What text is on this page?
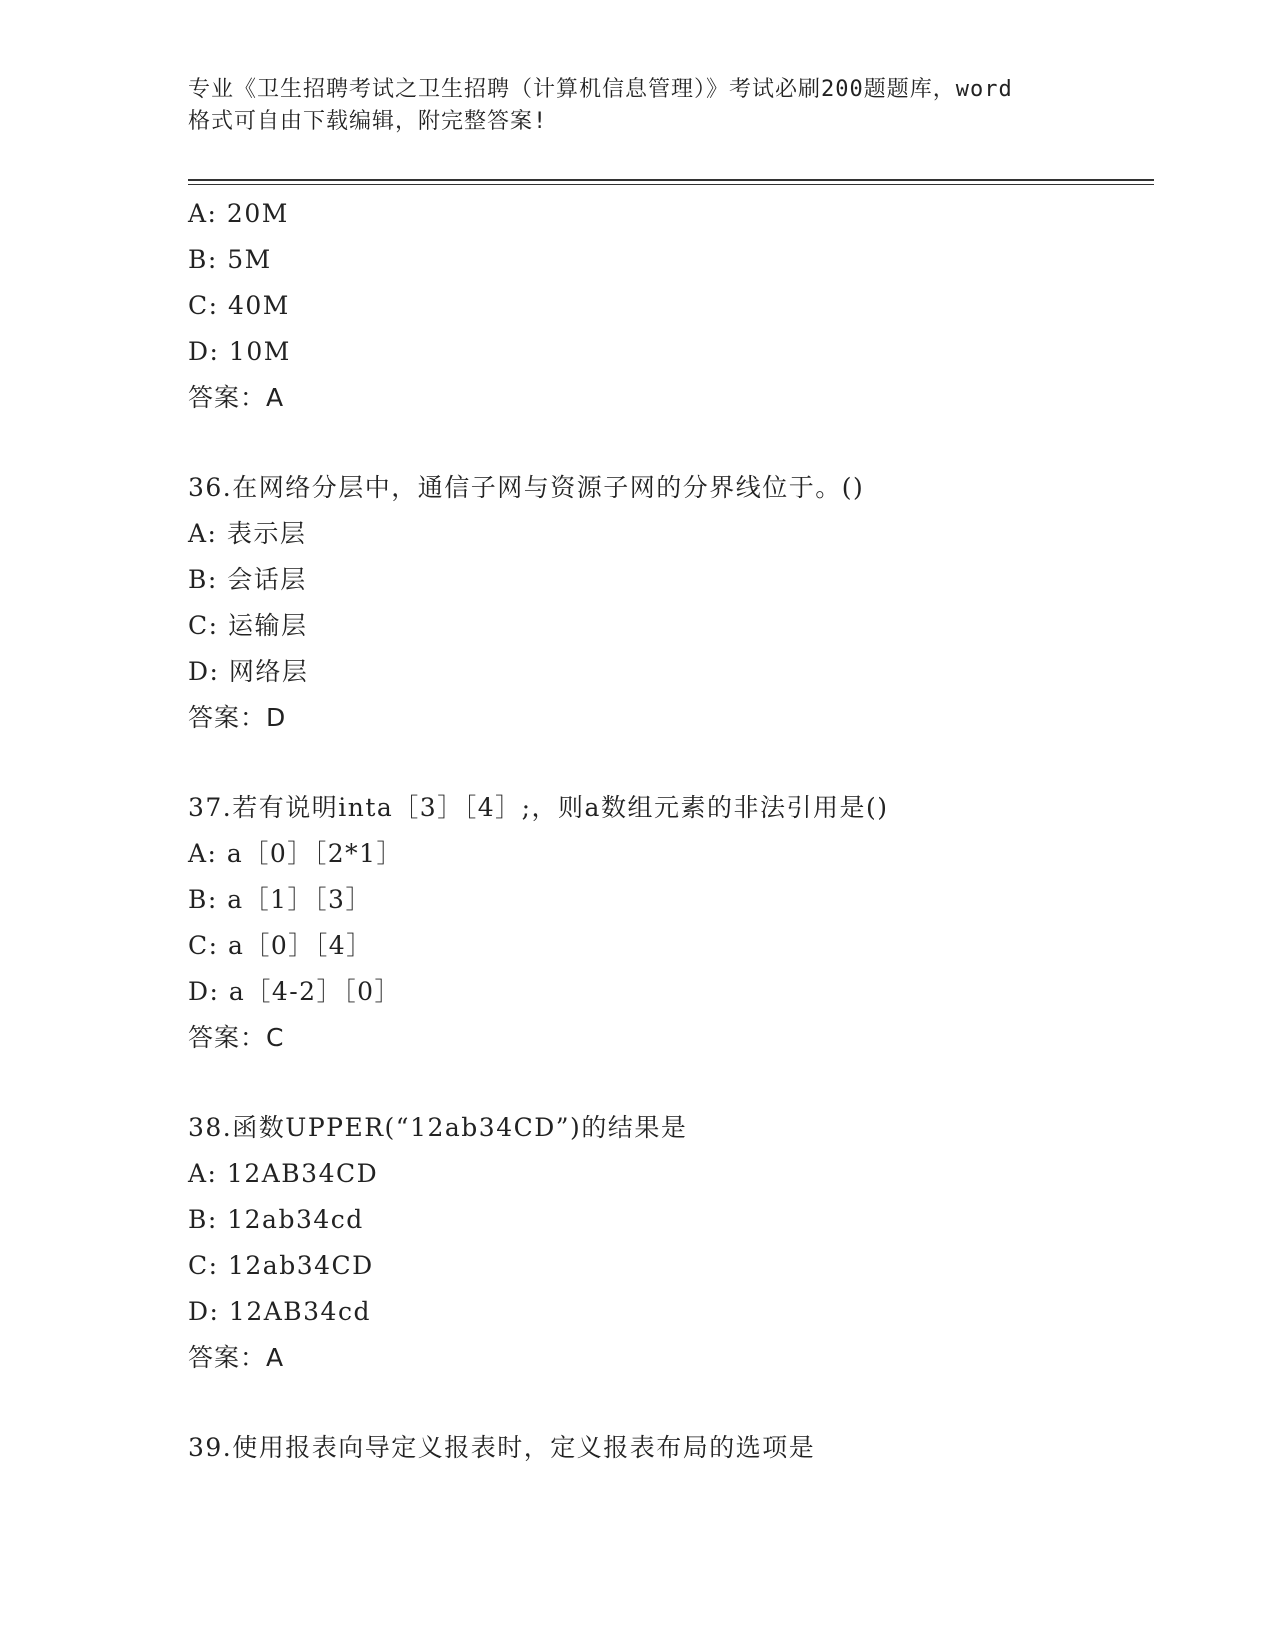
专业《卫生招聘考试之卫生招聘（计算机信息管理）》考试必刷200题题库，word
格式可自由下载编辑，附完整答案!
A: 20M
B: 5M
C: 40M
D: 10M
答案：A
36.在网络分层中，通信子网与资源子网的分界线位于。()
A: 表示层
B: 会话层
C: 运输层
D: 网络层
答案：D
37.若有说明inta［3］［4］;，则a数组元素的非法引用是()
A: a［0］［2*1］
B: a［1］［3］
C: a［0］［4］
D: a［4-2］［0］
答案：C
38.函数UPPER(“12ab34CD”)的结果是
A: 12AB34CD
B: 12ab34cd
C: 12ab34CD
D: 12AB34cd
答案：A
39.使用报表向导定义报表时，定义报表布局的选项是
